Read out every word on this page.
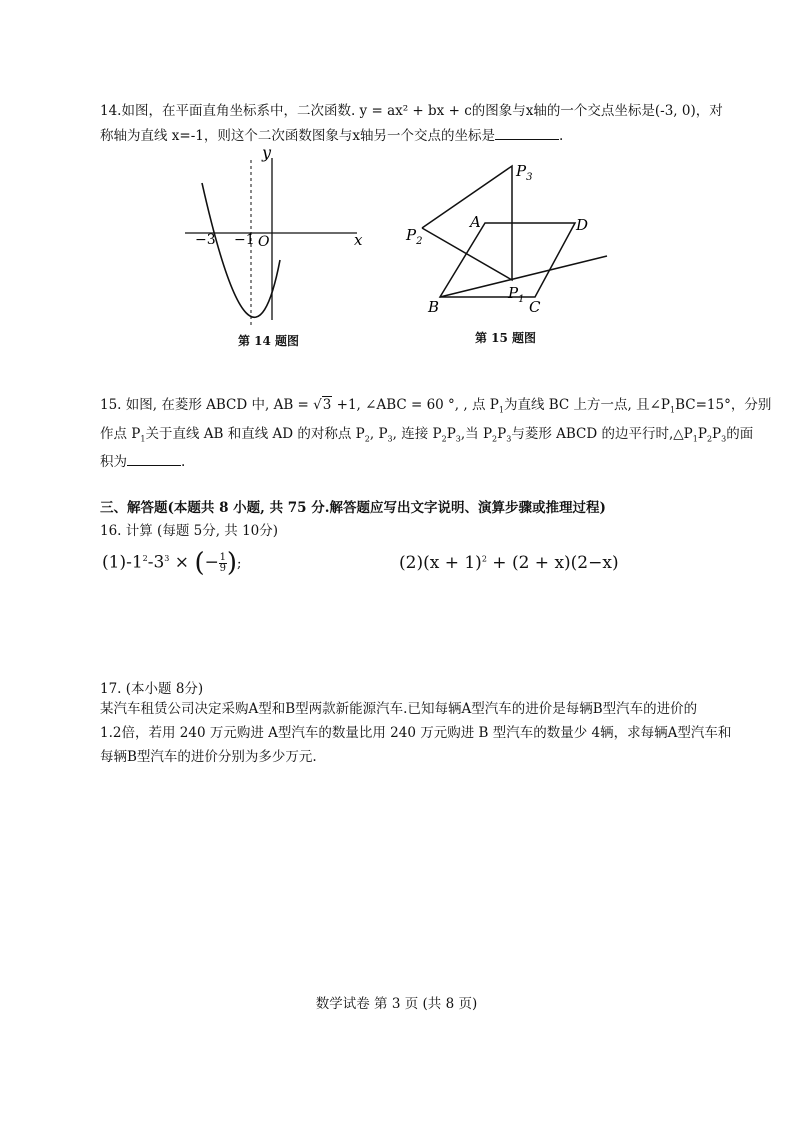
14.如图，在平面直角坐标系中，二次函数. y = ax² + bx + c的图象与x轴的一个交点坐标是(-3, 0)，对
称轴为直线 x=-1，则这个二次函数图象与x轴另一个交点的坐标是	.
y
x
−3 −1 O
第 14 题图
$P_3$
$P_2$
$P_1$
A	D
B	C
第 15 题图
15. 如图, 在菱形 ABCD 中, AB = √3 +1, ∠ABC = 60 °, , 点 $P_1$为直线 BC 上方一点, 且$\angle P_1BC=15^\circ$，分别
作点 $P_1$关于直线 AB 和直线 AD 的对称点 $P_2$, $P_3$, 连接 $P_2P_3$,当 $P_2P_3$与菱形 ABCD 的边平行时$,\triangle P_1P_2P_3$的面
积为	.
三、解答题(本题共 8 小题, 共 75 分.解答题应写出文字说明、演算步骤或推理过程)
16. 计算 (每题 5分, 共 10分)
$(1)-1^2-3^3$ × (− $\frac{1}{9}$ );	$(2)(x + 1)^2 + (2 + x)(2-x)$
17. (本小题 8分)
某汽车租赁公司决定采购A型和B型两款新能源汽车.已知每辆A型汽车的进价是每辆B型汽车的进价的
1.2倍，若用 240 万元购进 A型汽车的数量比用 240 万元购进 B 型汽车的数量少 4辆，求每辆A型汽车和
每辆B型汽车的进价分别为多少万元.
数学试卷 第 3 页 (共 8 页)
